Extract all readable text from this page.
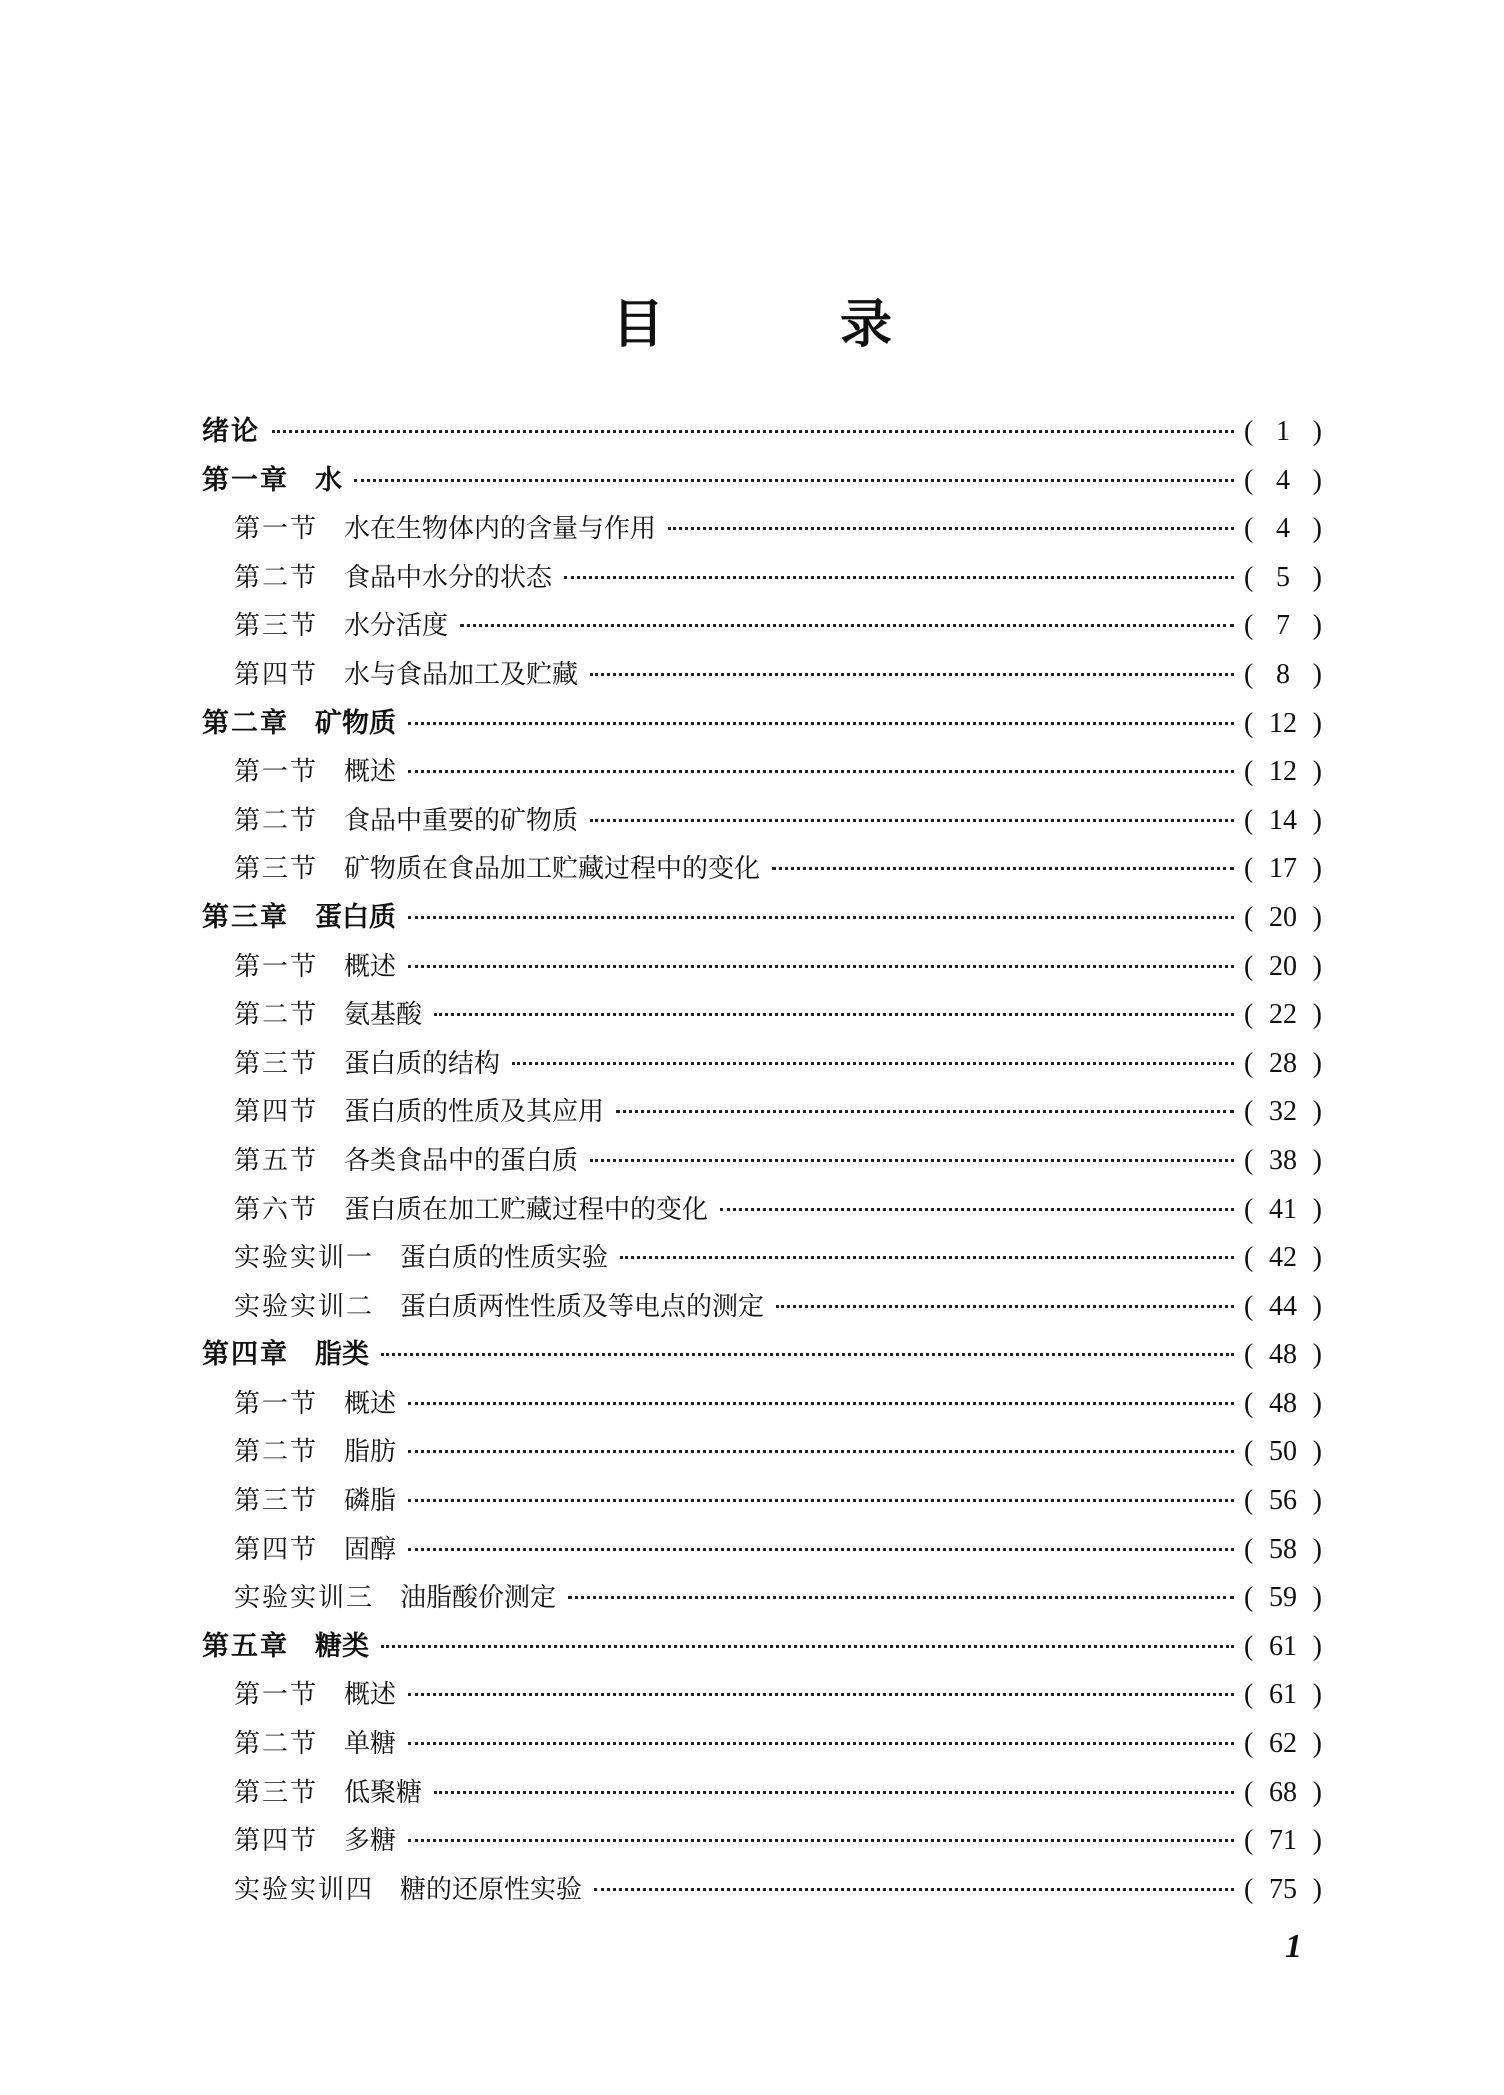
目　录
绪论	( 1 )
第一章 水	( 4 )
第一节 水在生物体内的含量与作用	( 4 )
第二节 食品中水分的状态	( 5 )
第三节 水分活度	( 7 )
第四节 水与食品加工及贮藏	( 8 )
第二章 矿物质	( 12 )
第一节 概述	( 12 )
第二节 食品中重要的矿物质	( 14 )
第三节 矿物质在食品加工贮藏过程中的变化	( 17 )
第三章 蛋白质	( 20 )
第一节 概述	( 20 )
第二节 氨基酸	( 22 )
第三节 蛋白质的结构	( 28 )
第四节 蛋白质的性质及其应用	( 32 )
第五节 各类食品中的蛋白质	( 38 )
第六节 蛋白质在加工贮藏过程中的变化	( 41 )
实验实训一 蛋白质的性质实验	( 42 )
实验实训二 蛋白质两性性质及等电点的测定	( 44 )
第四章 脂类	( 48 )
第一节 概述	( 48 )
第二节 脂肪	( 50 )
第三节 磷脂	( 56 )
第四节 固醇	( 58 )
实验实训三 油脂酸价测定	( 59 )
第五章 糖类	( 61 )
第一节 概述	( 61 )
第二节 单糖	( 62 )
第三节 低聚糖	( 68 )
第四节 多糖	( 71 )
实验实训四 糖的还原性实验	( 75 )
1
